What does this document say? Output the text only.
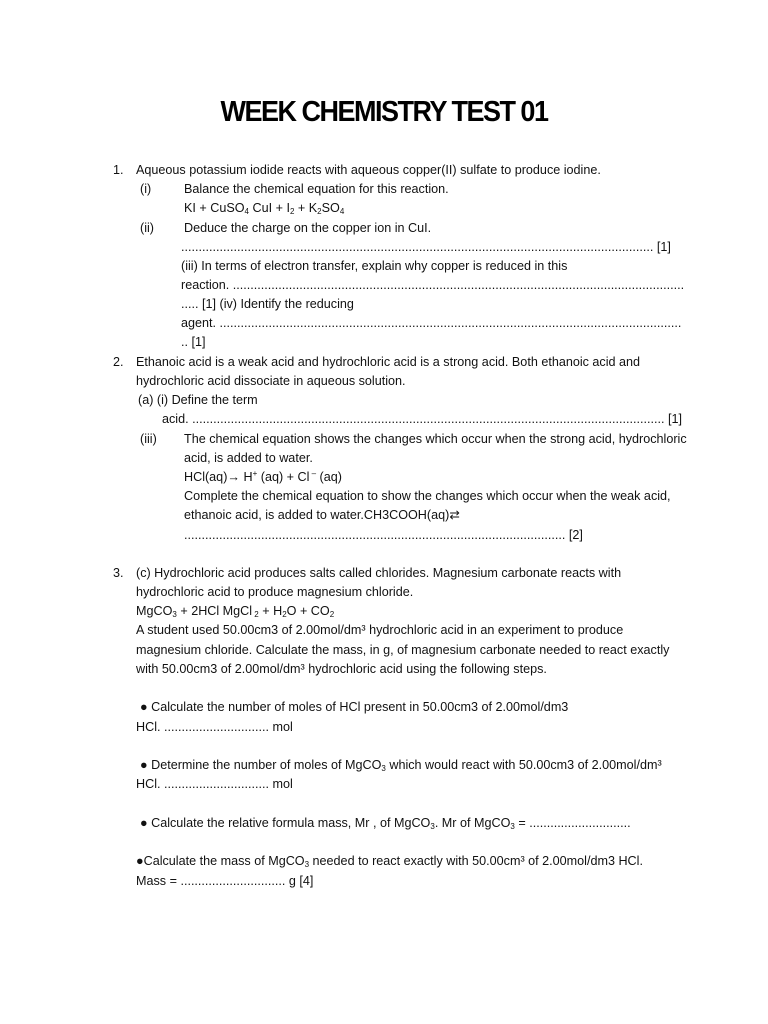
WEEK CHEMISTRY TEST 01
1. Aqueous potassium iodide reacts with aqueous copper(II) sulfate to produce iodine.
(i)	Balance the chemical equation for this reaction.
KI + CuSO$_4$ CuI + $I_2 + K_2SO_4$
(ii) Deduce the charge on the copper ion in CuI.
....................................................................................................................................... [1]
(iii) In terms of electron transfer, explain why copper is reduced in this
reaction. .................................................................................................................................
..... [1] (iv) Identify the reducing
agent. ....................................................................................................................................
.. [1]
2. Ethanoic acid is a weak acid and hydrochloric acid is a strong acid. Both ethanoic acid and
hydrochloric acid dissociate in aqueous solution.
(a) (i) Define the term
acid. ....................................................................................................................................... [1]
(iii) The chemical equation shows the changes which occur when the strong acid, hydrochloric
acid, is added to water.
HCl(aq)→ H+ (aq) + Cl – (aq)
Complete the chemical equation to show the changes which occur when the weak acid,
ethanoic acid, is added to water.CH3COOH(aq)⇄
............................................................................................................. [2]
3. (c) Hydrochloric acid produces salts called chlorides. Magnesium carbonate reacts with
hydrochloric acid to produce magnesium chloride.
MgCO$_3$ + 2HCl MgCl $_2 + H_2O + CO_2$
A student used 50.00cm3 of 2.00mol/dm³ hydrochloric acid in an experiment to produce
magnesium chloride. Calculate the mass, in g, of magnesium carbonate needed to react exactly
with 50.00cm3 of 2.00mol/dm³ hydrochloric acid using the following steps.
● Calculate the number of moles of HCl present in 50.00cm3 of 2.00mol/dm3
HCl. .............................. mol
● Determine the number of moles of MgCO$_3$ which would react with 50.00cm3 of 2.00mol/dm³
HCl. .............................. mol
● Calculate the relative formula mass, Mr , of MgCO$_3$. Mr of MgCO$_3$ = .............................
●Calculate the mass of MgCO$_3$ needed to react exactly with 50.00cm³ of 2.00mol/dm3 HCl.
Mass = .............................. g [4]
